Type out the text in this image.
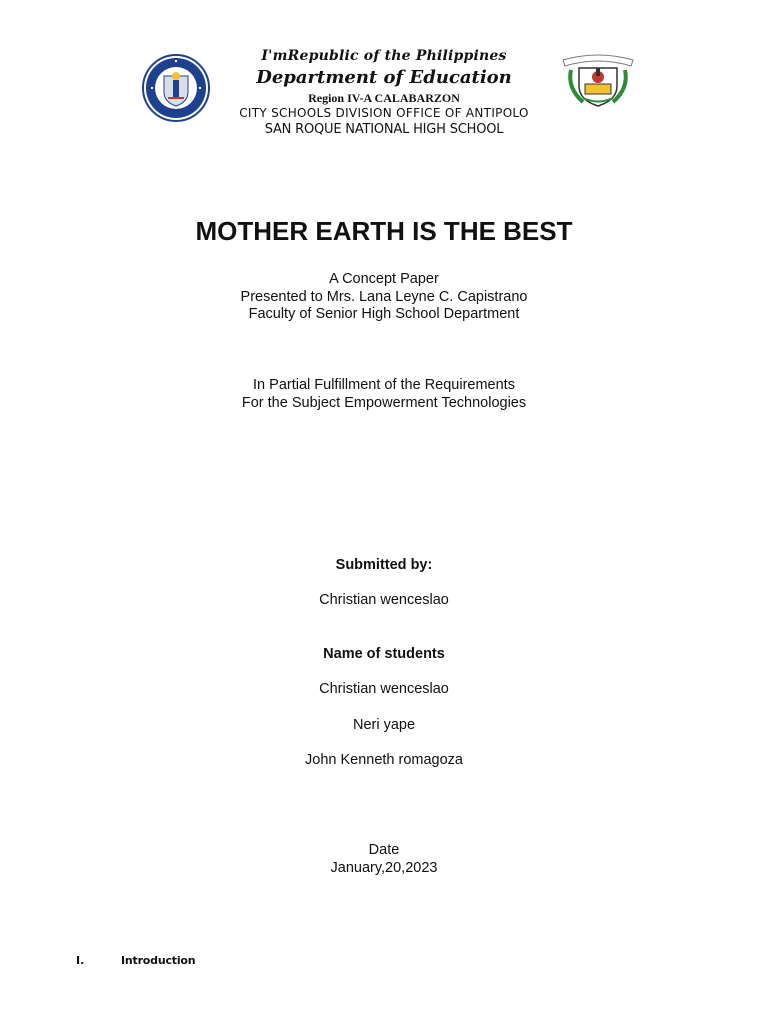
I'mRepublic of the Philippines
Department of Education
Region IV-A CALABARZON
CITY SCHOOLS DIVISION OFFICE OF ANTIPOLO
SAN ROQUE NATIONAL HIGH SCHOOL
MOTHER EARTH IS THE BEST
A Concept Paper
Presented to Mrs. Lana Leyne C. Capistrano
Faculty of Senior High School Department
In Partial Fulfillment of the Requirements
For the Subject Empowerment Technologies
Submitted by:
Christian wenceslao
Name of students
Christian wenceslao
Neri yape
John Kenneth romagoza
Date
January,20,2023
I.	Introduction
